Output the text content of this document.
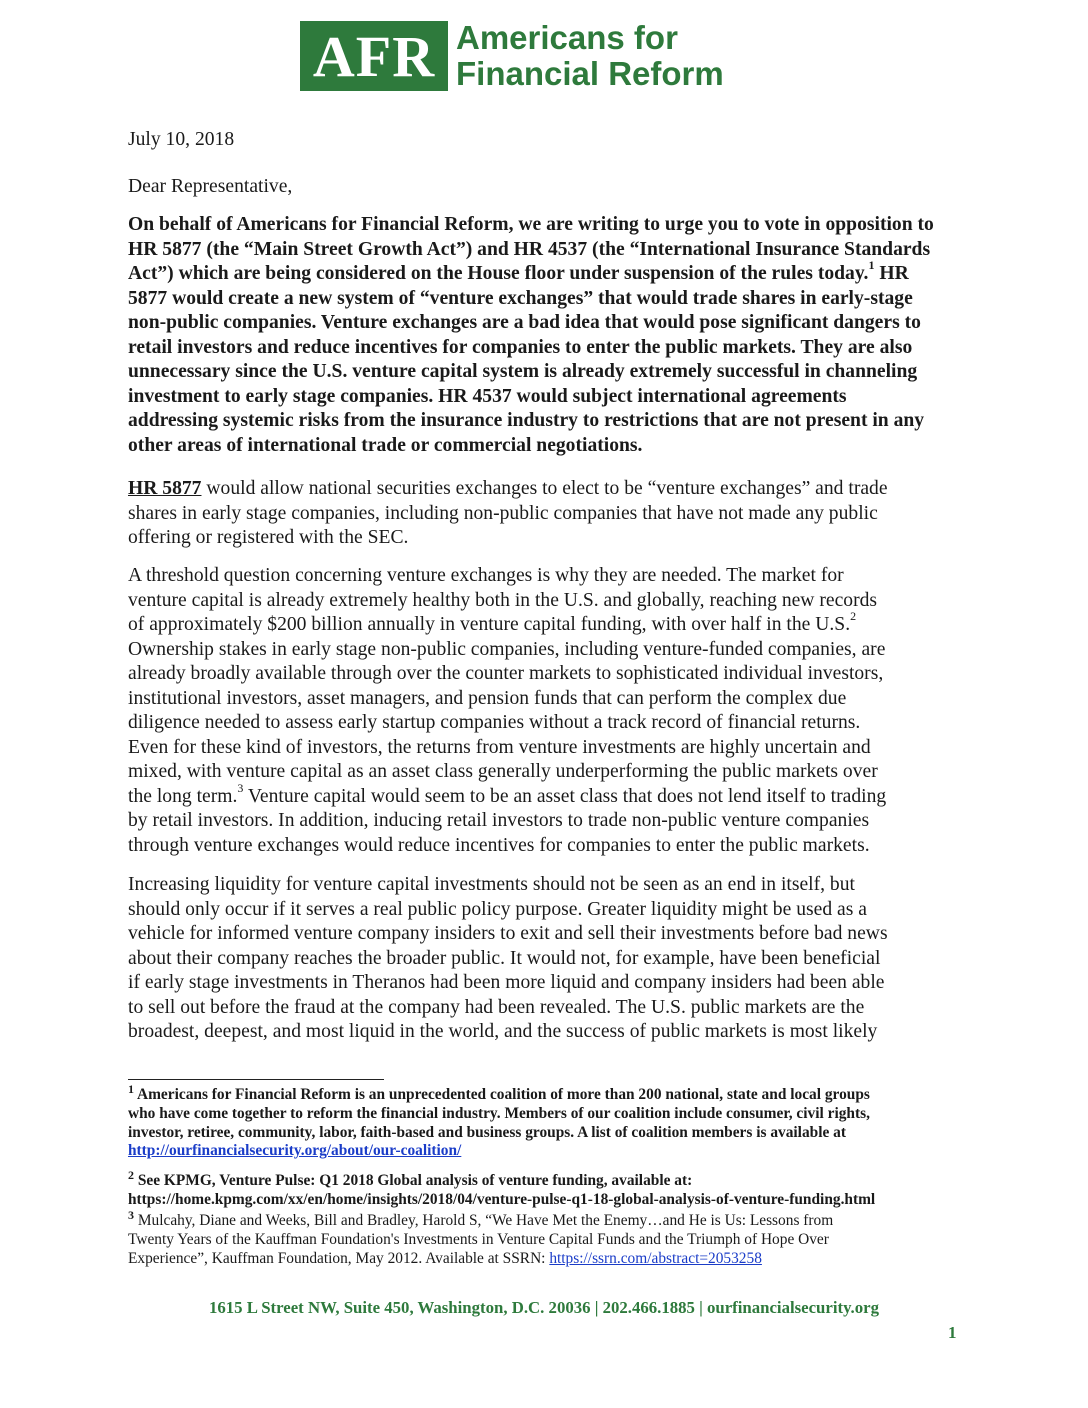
AFR Americans for
Financial Reform
July 10, 2018
Dear Representative,
On behalf of Americans for Financial Reform, we are writing to urge you to vote in opposition to
HR 5877 (the “Main Street Growth Act”) and HR 4537 (the “International Insurance Standards
Act”) which are being considered on the House floor under suspension of the rules today.$^1$ HR
5877 would create a new system of “venture exchanges” that would trade shares in early-stage
non-public companies. Venture exchanges are a bad idea that would pose significant dangers to
retail investors and reduce incentives for companies to enter the public markets. They are also
unnecessary since the U.S. venture capital system is already extremely successful in channeling
investment to early stage companies. HR 4537 would subject international agreements
addressing systemic risks from the insurance industry to restrictions that are not present in any
other areas of international trade or commercial negotiations.
HR 5877 would allow national securities exchanges to elect to be “venture exchanges” and trade
shares in early stage companies, including non-public companies that have not made any public
offering or registered with the SEC.
A threshold question concerning venture exchanges is why they are needed. The market for
venture capital is already extremely healthy both in the U.S. and globally, reaching new records
of approximately $200 billion annually in venture capital funding, with over half in the U.S.$^2$
Ownership stakes in early stage non-public companies, including venture-funded companies, are
already broadly available through over the counter markets to sophisticated individual investors,
institutional investors, asset managers, and pension funds that can perform the complex due
diligence needed to assess early startup companies without a track record of financial returns.
Even for these kind of investors, the returns from venture investments are highly uncertain and
mixed, with venture capital as an asset class generally underperforming the public markets over
the long term.$^3$ Venture capital would seem to be an asset class that does not lend itself to trading
by retail investors. In addition, inducing retail investors to trade non-public venture companies
through venture exchanges would reduce incentives for companies to enter the public markets.
Increasing liquidity for venture capital investments should not be seen as an end in itself, but
should only occur if it serves a real public policy purpose. Greater liquidity might be used as a
vehicle for informed venture company insiders to exit and sell their investments before bad news
about their company reaches the broader public. It would not, for example, have been beneficial
if early stage investments in Theranos had been more liquid and company insiders had been able
to sell out before the fraud at the company had been revealed. The U.S. public markets are the
broadest, deepest, and most liquid in the world, and the success of public markets is most likely
$^1$ Americans for Financial Reform is an unprecedented coalition of more than 200 national, state and local groups
who have come together to reform the financial industry. Members of our coalition include consumer, civil rights,
investor, retiree, community, labor, faith-based and business groups. A list of coalition members is available at
http://ourfinancialsecurity.org/about/our-coalition/
$^2$ See KPMG, Venture Pulse: Q1 2018 Global analysis of venture funding, available at:
https://home.kpmg.com/xx/en/home/insights/2018/04/venture-pulse-q1-18-global-analysis-of-venture-funding.html
$^3$ Mulcahy, Diane and Weeks, Bill and Bradley, Harold S, “We Have Met the Enemy…and He is Us: Lessons from
Twenty Years of the Kauffman Foundation's Investments in Venture Capital Funds and the Triumph of Hope Over
Experience”, Kauffman Foundation, May 2012. Available at SSRN: https://ssrn.com/abstract=2053258
1615 L Street NW, Suite 450, Washington, D.C. 20036 | 202.466.1885 | ourfinancialsecurity.org
1
